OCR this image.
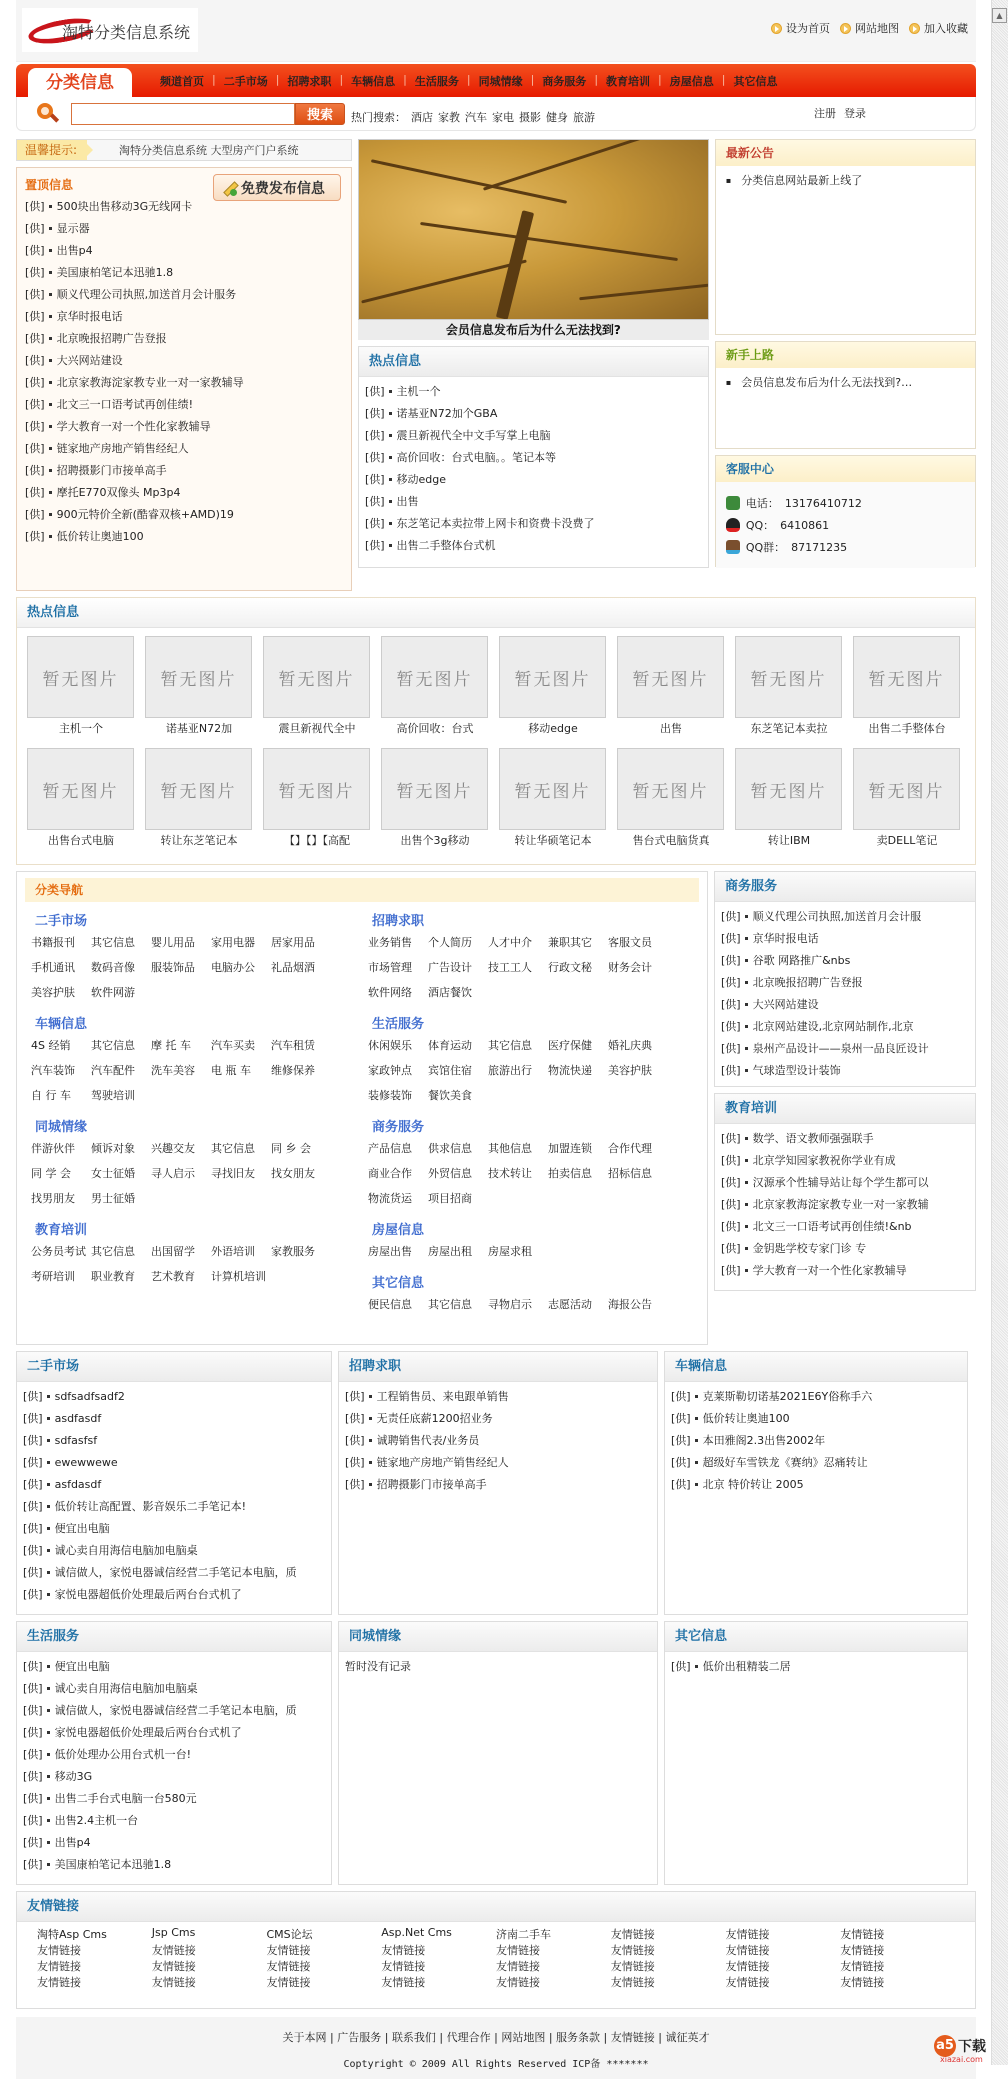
淘特分类信息系统	设为首页 网站地图 加入收藏
分类信息	频道首页 | 二手市场 | 招聘求职 | 车辆信息 | 生活服务 | 同城情缘 | 商务服务 | 教育培训 | 房屋信息 | 其它信息
搜索	热门搜索： 酒店 家教 汽车 家电 摄影 健身 旅游	注册 登录
温馨提示:	淘特分类信息系统 大型房产门户系统
置顶信息	免费发布信息
[供] 500块出售移动3G无线网卡
[供] 显示器
[供] 出售p4
[供] 美国康柏笔记本迅驰1.8
[供] 顺义代理公司执照,加送首月会计服务
[供] 京华时报电话
[供] 北京晚报招聘广告登报
[供] 大兴网站建设
[供] 北京家教海淀家教专业一对一家教辅导
[供] 北文三一口语考试再创佳绩!
[供] 学大教育一对一个性化家教辅导
[供] 链家地产房地产销售经纪人
[供] 招聘摄影门市接单高手
[供] 摩托E770双像头 Mp3p4
[供] 900元特价全新(酷睿双核+AMD)19
[供] 低价转让奥迪100
会员信息发布后为什么无法找到?
热点信息
[供] 主机一个
[供] 诺基亚N72加个GBA
[供] 震旦新视代全中文手写掌上电脑
[供] 高价回收：台式电脑。。笔记本等
[供] 移动edge
[供] 出售
[供] 东芝笔记本卖拉带上网卡和资费卡没费了
[供] 出售二手整体台式机
最新公告
▪ 分类信息网站最新上线了
新手上路
▪ 会员信息发布后为什么无法找到?…
客服中心
电话： 13176410712
QQ： 6410861
QQ群： 87171235
热点信息
暂无图片
主机一个
暂无图片
诺基亚N72加
暂无图片
震旦新视代全中
暂无图片
高价回收：台式
暂无图片
移动edge
暂无图片
出售
暂无图片
东芝笔记本卖拉
暂无图片
出售二手整体台
暂无图片
出售台式电脑
暂无图片
转让东芝笔记本
暂无图片
【】【】【高配
暂无图片
出售个3g移动
暂无图片
转让华硕笔记本
暂无图片
售台式电脑货真
暂无图片
转让IBM
暂无图片
卖DELL笔记
分类导航
二手市场
书籍报刊	其它信息	婴儿用品	家用电器	居家用品
手机通讯	数码音像	服装饰品	电脑办公	礼品烟酒
美容护肤	软件网游
车辆信息
4S 经销	其它信息	摩 托 车	汽车买卖	汽车租赁
汽车装饰	汽车配件	洗车美容	电 瓶 车	维修保养
自 行 车	驾驶培训
同城情缘
伴游伙伴	倾诉对象	兴趣交友	其它信息	同 乡 会
同 学 会	女士征婚	寻人启示	寻找旧友	找女朋友
找男朋友	男士征婚
教育培训
公务员考试 其它信息	出国留学	外语培训	家教服务
考研培训	职业教育	艺术教育	计算机培训
招聘求职
业务销售	个人简历	人才中介	兼职其它	客服文员
市场管理	广告设计	技工工人	行政文秘	财务会计
软件网络	酒店餐饮
生活服务
休闲娱乐	体育运动	其它信息	医疗保健	婚礼庆典
家政钟点	宾馆住宿	旅游出行	物流快递	美容护肤
装修装饰	餐饮美食
商务服务
产品信息	供求信息	其他信息	加盟连锁	合作代理
商业合作	外贸信息	技术转让	拍卖信息	招标信息
物流货运	项目招商
房屋信息
房屋出售	房屋出租	房屋求租
其它信息
便民信息	其它信息	寻物启示	志愿活动	海报公告
商务服务
[供] 顺义代理公司执照,加送首月会计服
[供] 京华时报电话
[供] 谷歌 网路推广&nbs
[供] 北京晚报招聘广告登报
[供] 大兴网站建设
[供] 北京网站建设,北京网站制作,北京
[供] 泉州产品设计——泉州一品良匠设计
[供] 气球造型设计装饰
教育培训
[供] 数学、语文教师强强联手
[供] 北京学知园家教祝你学业有成
[供] 汉源承个性辅导站让每个学生都可以
[供] 北京家教海淀家教专业一对一家教辅
[供] 北文三一口语考试再创佳绩!&nb
[供] 金钥匙学校专家门诊 专
[供] 学大教育一对一个性化家教辅导
二手市场
[供] sdfsadfsadf2
[供] asdfasdf
[供] sdfasfsf
[供] ewewwewe
[供] asfdasdf
[供] 低价转让高配置、影音娱乐二手笔记本!
[供] 便宜出电脑
[供] 诚心卖自用海信电脑加电脑桌
[供] 诚信做人，家悦电器诚信经营二手笔记本电脑，质
[供] 家悦电器超低价处理最后两台台式机了
招聘求职
[供] 工程销售员、来电跟单销售
[供] 无责任底薪1200招业务
[供] 诚聘销售代表/业务员
[供] 链家地产房地产销售经纪人
[供] 招聘摄影门市接单高手
车辆信息
[供] 克莱斯勒切诺基2021E6Y俗称手六
[供] 低价转让奥迪100
[供] 本田雅阁2.3出售2002年
[供] 超级好车雪铁龙《赛纳》忍痛转让
[供] 北京 特价转让 2005
生活服务
[供] 便宜出电脑
[供] 诚心卖自用海信电脑加电脑桌
[供] 诚信做人，家悦电器诚信经营二手笔记本电脑，质
[供] 家悦电器超低价处理最后两台台式机了
[供] 低价处理办公用台式机一台!
[供] 移动3G
[供] 出售二手台式电脑一台580元
[供] 出售2.4主机一台
[供] 出售p4
[供] 美国康柏笔记本迅驰1.8
同城情缘
暂时没有记录
其它信息
[供] 低价出租精装二居
友情链接
淘特Asp Cms	Jsp Cms	CMS论坛	Asp.Net Cms	济南二手车	友情链接	友情链接	友情链接
友情链接	友情链接	友情链接	友情链接	友情链接	友情链接	友情链接	友情链接
友情链接	友情链接	友情链接	友情链接	友情链接	友情链接	友情链接	友情链接
友情链接	友情链接	友情链接	友情链接	友情链接	友情链接	友情链接	友情链接
关于本网 | 广告服务 | 联系我们 | 代理合作 | 网站地图 | 服务条款 | 友情链接 | 诚征英才
Coptyright © 2009 All Rights Reserved ICP备 *******
a5 下载
xiazai.com
▲
